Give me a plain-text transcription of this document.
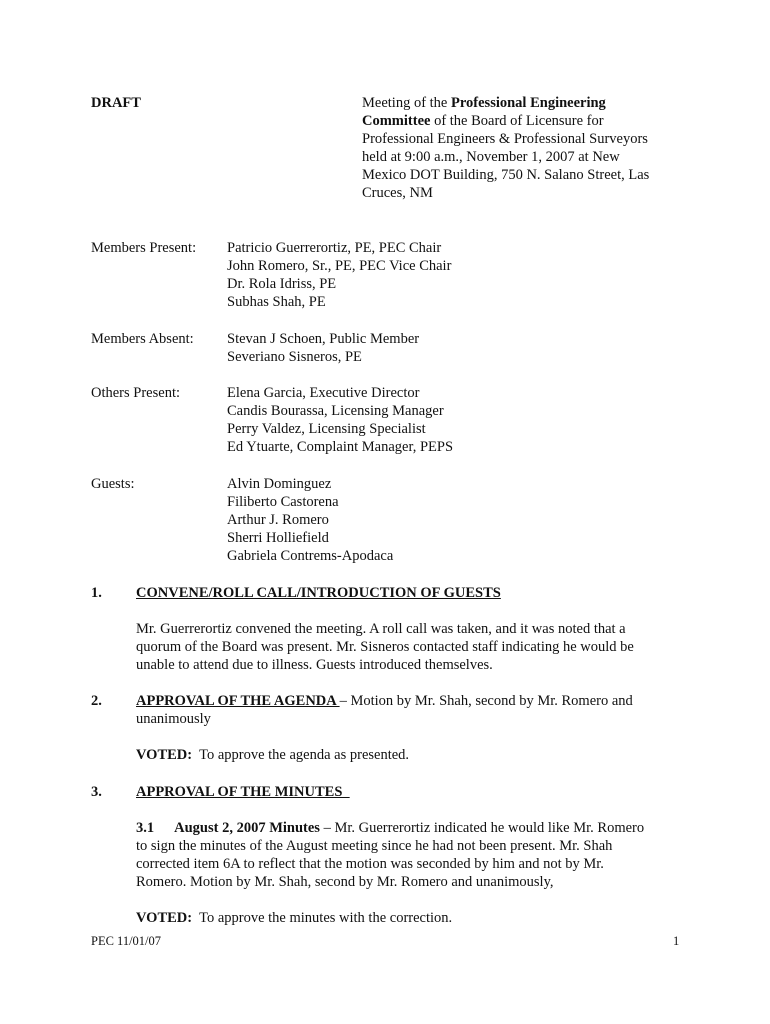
DRAFT	Meeting of the Professional Engineering
Committee of the Board of Licensure for
Professional Engineers & Professional Surveyors
held at 9:00 a.m., November 1, 2007 at New
Mexico DOT Building, 750 N. Salano Street, Las
Cruces, NM
Members Present: Patricio Guerrerortiz, PE, PEC Chair
John Romero, Sr., PE, PEC Vice Chair
Dr. Rola Idriss, PE
Subhas Shah, PE
Members Absent: Stevan J Schoen, Public Member
Severiano Sisneros, PE
Others Present:	Elena Garcia, Executive Director
Candis Bourassa, Licensing Manager
Perry Valdez, Licensing Specialist
Ed Ytuarte, Complaint Manager, PEPS
Guests:	Alvin Dominguez
Filiberto Castorena
Arthur J. Romero
Sherri Holliefield
Gabriela Contrems-Apodaca
1. CONVENE/ROLL CALL/INTRODUCTION OF GUESTS
Mr. Guerrerortiz convened the meeting. A roll call was taken, and it was noted that a
quorum of the Board was present. Mr. Sisneros contacted staff indicating he would be
unable to attend due to illness. Guests introduced themselves.
2. APPROVAL OF THE AGENDA – Motion by Mr. Shah, second by Mr. Romero and
unanimously
VOTED:  To approve the agenda as presented.
3. APPROVAL OF THE MINUTES
3.1 August 2, 2007 Minutes – Mr. Guerrerortiz indicated he would like Mr. Romero
to sign the minutes of the August meeting since he had not been present. Mr. Shah
corrected item 6A to reflect that the motion was seconded by him and not by Mr.
Romero. Motion by Mr. Shah, second by Mr. Romero and unanimously,
VOTED:  To approve the minutes with the correction.
PEC 11/01/07	1
